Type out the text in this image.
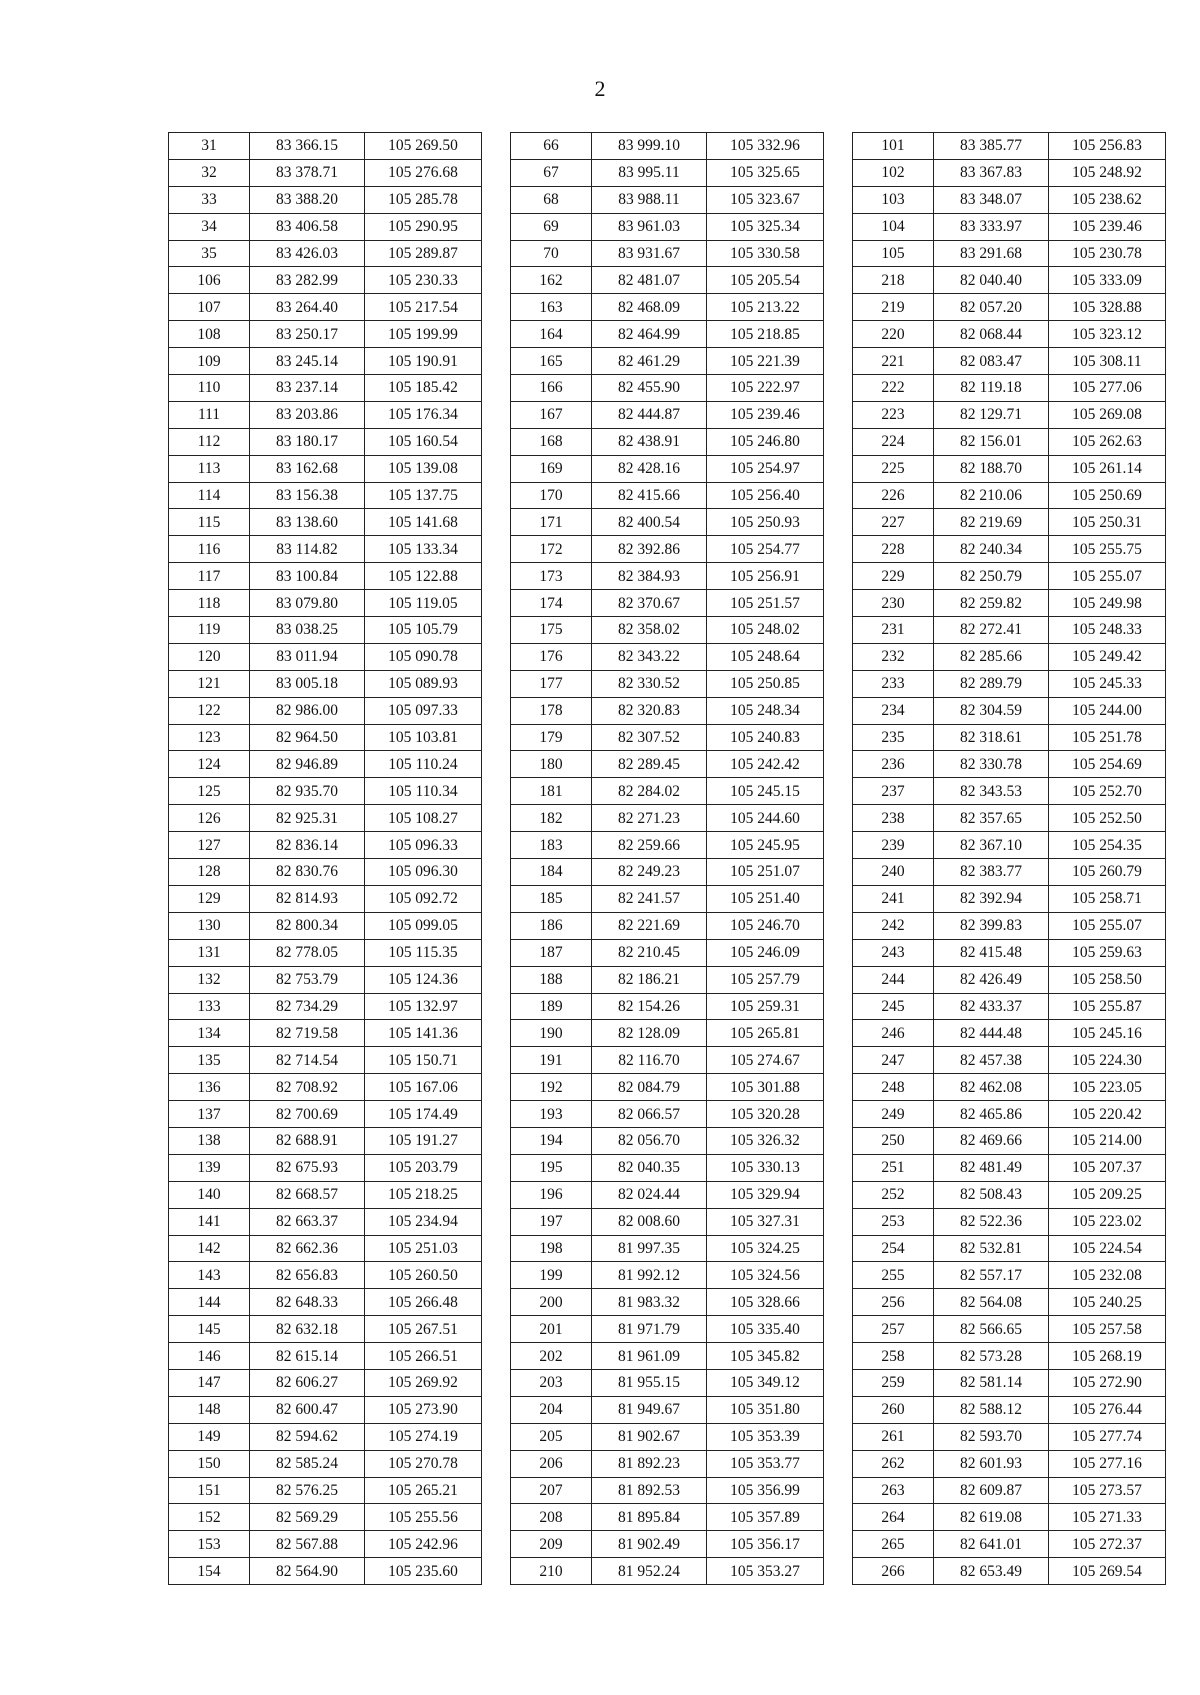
2
31	83 366.15	105 269.50
32	83 378.71	105 276.68
33	83 388.20	105 285.78
34	83 406.58	105 290.95
35	83 426.03	105 289.87
106	83 282.99	105 230.33
107	83 264.40	105 217.54
108	83 250.17	105 199.99
109	83 245.14	105 190.91
110	83 237.14	105 185.42
111	83 203.86	105 176.34
112	83 180.17	105 160.54
113	83 162.68	105 139.08
114	83 156.38	105 137.75
115	83 138.60	105 141.68
116	83 114.82	105 133.34
117	83 100.84	105 122.88
118	83 079.80	105 119.05
119	83 038.25	105 105.79
120	83 011.94	105 090.78
121	83 005.18	105 089.93
122	82 986.00	105 097.33
123	82 964.50	105 103.81
124	82 946.89	105 110.24
125	82 935.70	105 110.34
126	82 925.31	105 108.27
127	82 836.14	105 096.33
128	82 830.76	105 096.30
129	82 814.93	105 092.72
130	82 800.34	105 099.05
131	82 778.05	105 115.35
132	82 753.79	105 124.36
133	82 734.29	105 132.97
134	82 719.58	105 141.36
135	82 714.54	105 150.71
136	82 708.92	105 167.06
137	82 700.69	105 174.49
138	82 688.91	105 191.27
139	82 675.93	105 203.79
140	82 668.57	105 218.25
141	82 663.37	105 234.94
142	82 662.36	105 251.03
143	82 656.83	105 260.50
144	82 648.33	105 266.48
145	82 632.18	105 267.51
146	82 615.14	105 266.51
147	82 606.27	105 269.92
148	82 600.47	105 273.90
149	82 594.62	105 274.19
150	82 585.24	105 270.78
151	82 576.25	105 265.21
152	82 569.29	105 255.56
153	82 567.88	105 242.96
154	82 564.90	105 235.60
66	83 999.10	105 332.96
67	83 995.11	105 325.65
68	83 988.11	105 323.67
69	83 961.03	105 325.34
70	83 931.67	105 330.58
162	82 481.07	105 205.54
163	82 468.09	105 213.22
164	82 464.99	105 218.85
165	82 461.29	105 221.39
166	82 455.90	105 222.97
167	82 444.87	105 239.46
168	82 438.91	105 246.80
169	82 428.16	105 254.97
170	82 415.66	105 256.40
171	82 400.54	105 250.93
172	82 392.86	105 254.77
173	82 384.93	105 256.91
174	82 370.67	105 251.57
175	82 358.02	105 248.02
176	82 343.22	105 248.64
177	82 330.52	105 250.85
178	82 320.83	105 248.34
179	82 307.52	105 240.83
180	82 289.45	105 242.42
181	82 284.02	105 245.15
182	82 271.23	105 244.60
183	82 259.66	105 245.95
184	82 249.23	105 251.07
185	82 241.57	105 251.40
186	82 221.69	105 246.70
187	82 210.45	105 246.09
188	82 186.21	105 257.79
189	82 154.26	105 259.31
190	82 128.09	105 265.81
191	82 116.70	105 274.67
192	82 084.79	105 301.88
193	82 066.57	105 320.28
194	82 056.70	105 326.32
195	82 040.35	105 330.13
196	82 024.44	105 329.94
197	82 008.60	105 327.31
198	81 997.35	105 324.25
199	81 992.12	105 324.56
200	81 983.32	105 328.66
201	81 971.79	105 335.40
202	81 961.09	105 345.82
203	81 955.15	105 349.12
204	81 949.67	105 351.80
205	81 902.67	105 353.39
206	81 892.23	105 353.77
207	81 892.53	105 356.99
208	81 895.84	105 357.89
209	81 902.49	105 356.17
210	81 952.24	105 353.27
101	83 385.77	105 256.83
102	83 367.83	105 248.92
103	83 348.07	105 238.62
104	83 333.97	105 239.46
105	83 291.68	105 230.78
218	82 040.40	105 333.09
219	82 057.20	105 328.88
220	82 068.44	105 323.12
221	82 083.47	105 308.11
222	82 119.18	105 277.06
223	82 129.71	105 269.08
224	82 156.01	105 262.63
225	82 188.70	105 261.14
226	82 210.06	105 250.69
227	82 219.69	105 250.31
228	82 240.34	105 255.75
229	82 250.79	105 255.07
230	82 259.82	105 249.98
231	82 272.41	105 248.33
232	82 285.66	105 249.42
233	82 289.79	105 245.33
234	82 304.59	105 244.00
235	82 318.61	105 251.78
236	82 330.78	105 254.69
237	82 343.53	105 252.70
238	82 357.65	105 252.50
239	82 367.10	105 254.35
240	82 383.77	105 260.79
241	82 392.94	105 258.71
242	82 399.83	105 255.07
243	82 415.48	105 259.63
244	82 426.49	105 258.50
245	82 433.37	105 255.87
246	82 444.48	105 245.16
247	82 457.38	105 224.30
248	82 462.08	105 223.05
249	82 465.86	105 220.42
250	82 469.66	105 214.00
251	82 481.49	105 207.37
252	82 508.43	105 209.25
253	82 522.36	105 223.02
254	82 532.81	105 224.54
255	82 557.17	105 232.08
256	82 564.08	105 240.25
257	82 566.65	105 257.58
258	82 573.28	105 268.19
259	82 581.14	105 272.90
260	82 588.12	105 276.44
261	82 593.70	105 277.74
262	82 601.93	105 277.16
263	82 609.87	105 273.57
264	82 619.08	105 271.33
265	82 641.01	105 272.37
266	82 653.49	105 269.54
